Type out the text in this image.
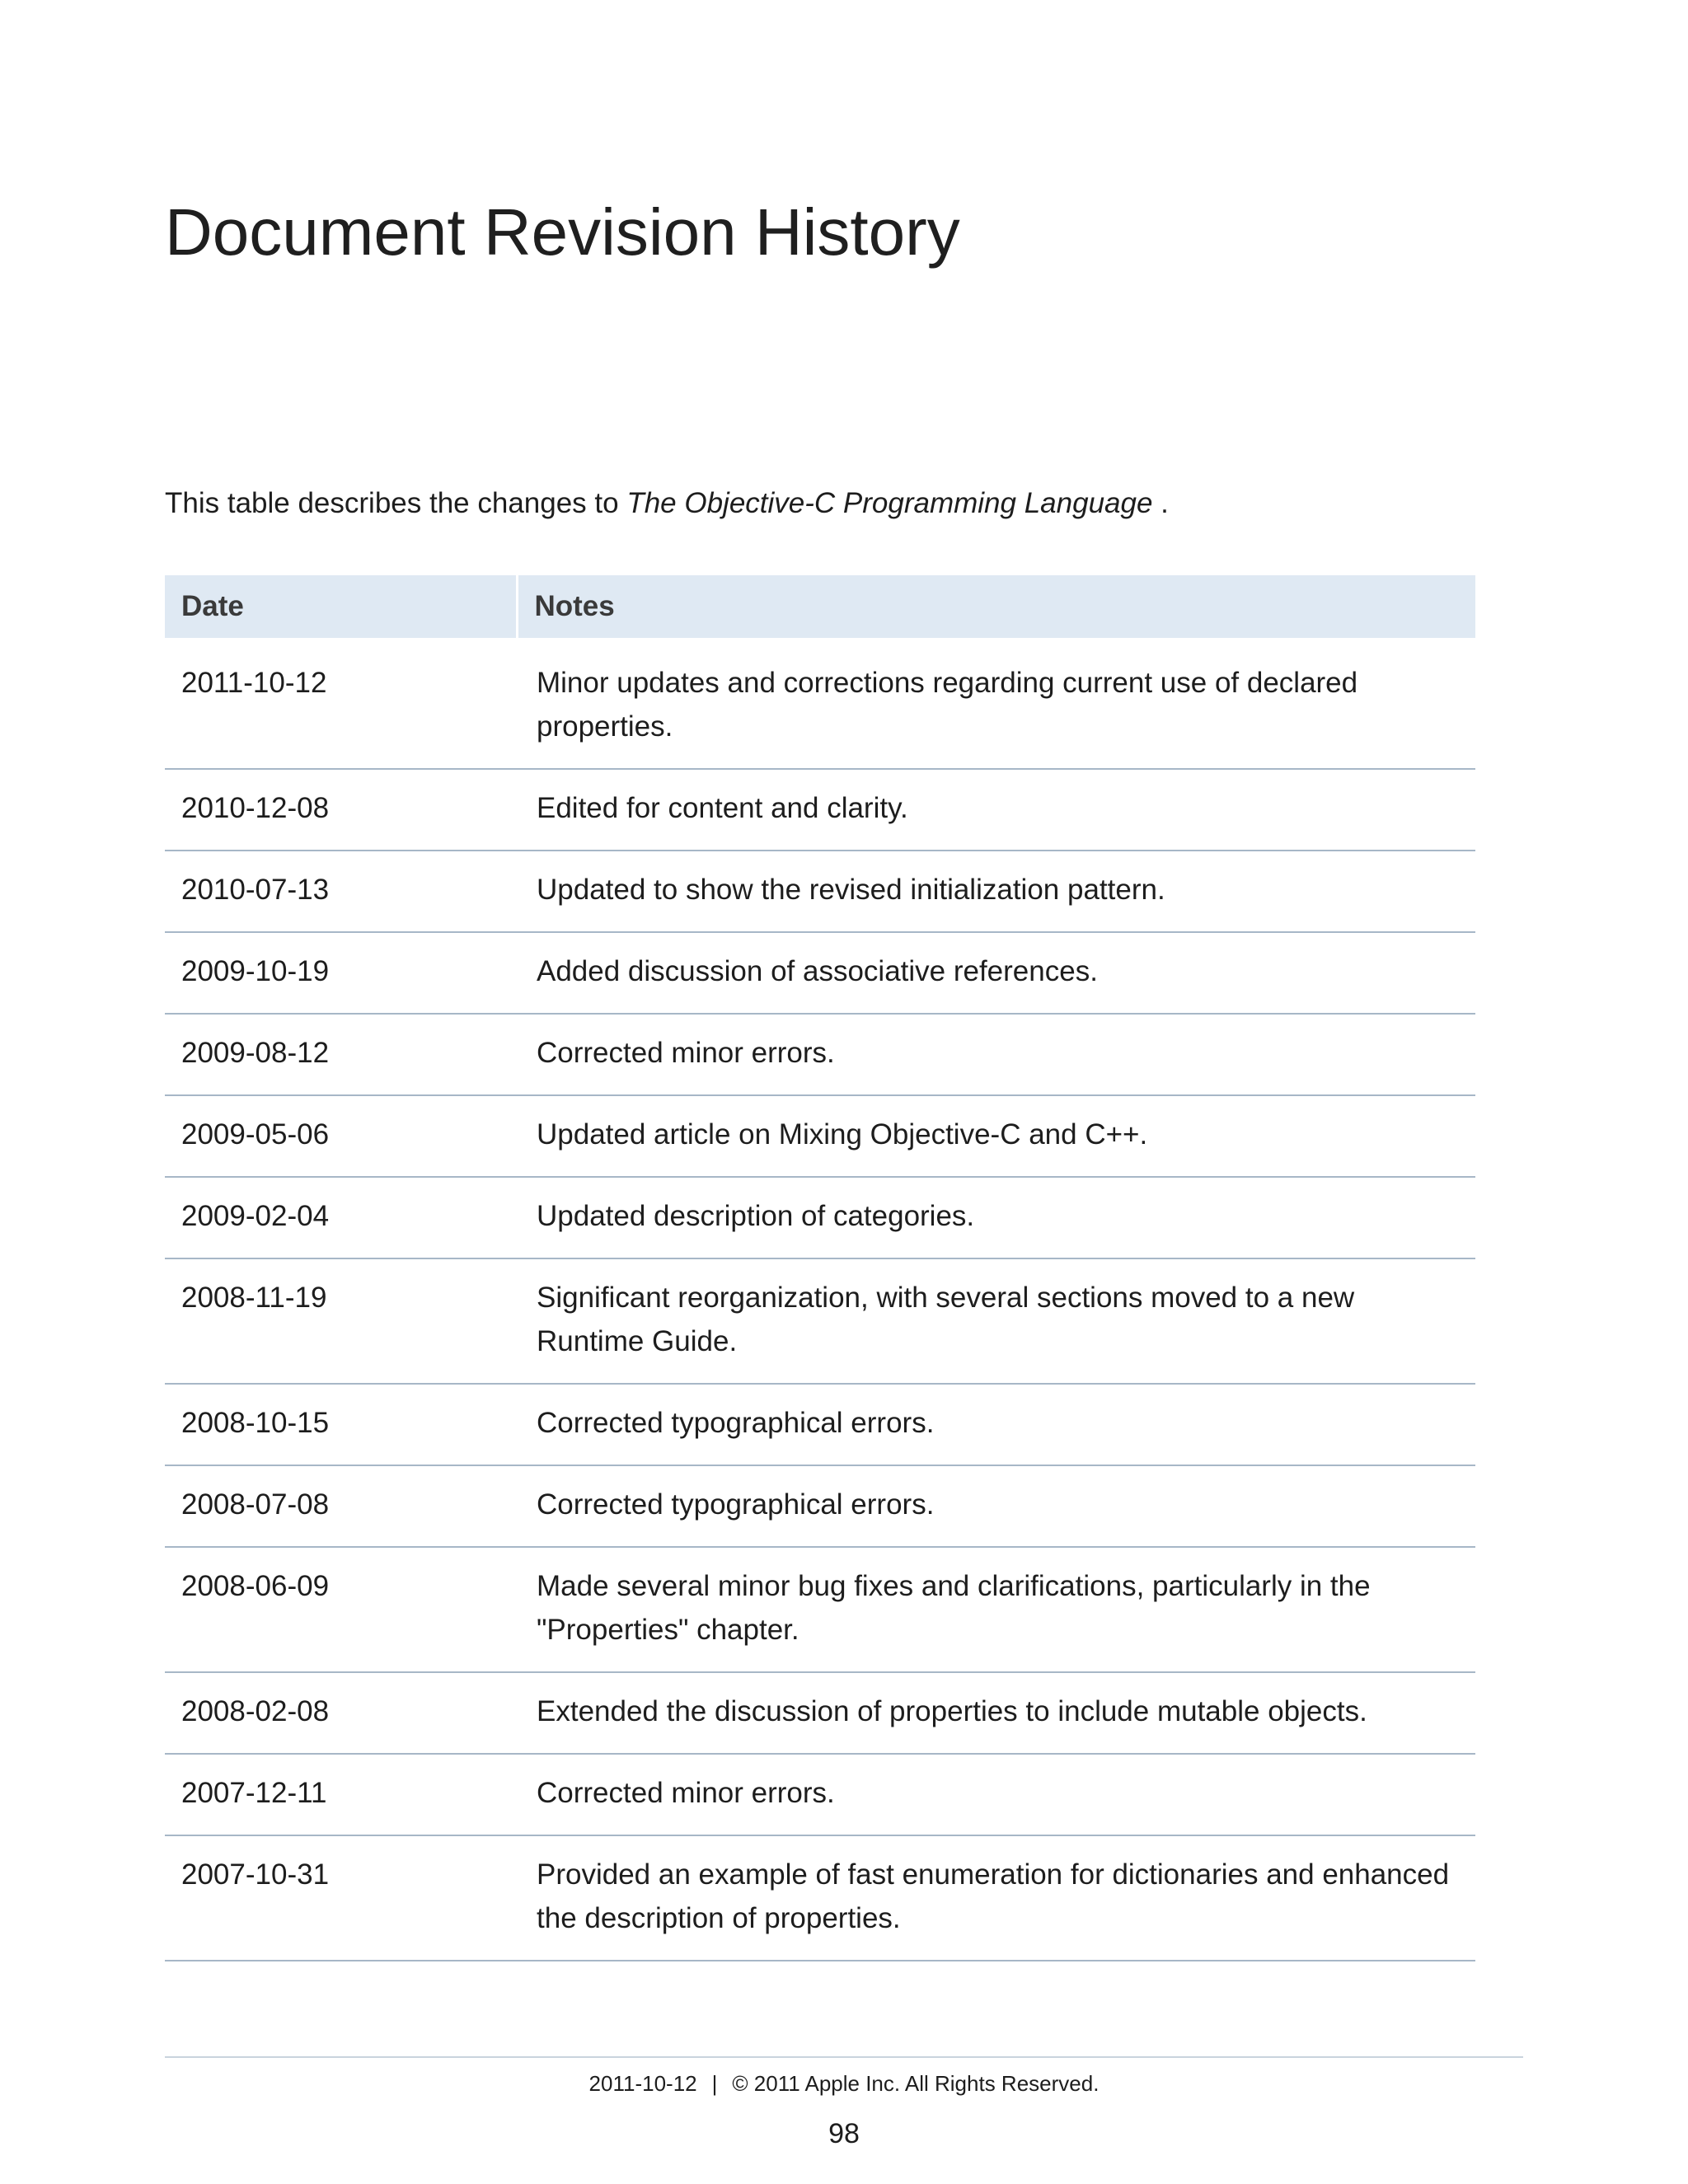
Document Revision History

This table describes the changes to The Objective-C Programming Language .

Date	Notes
2011-10-12	Minor updates and corrections regarding current use of declared properties.
2010-12-08	Edited for content and clarity.
2010-07-13	Updated to show the revised initialization pattern.
2009-10-19	Added discussion of associative references.
2009-08-12	Corrected minor errors.
2009-05-06	Updated article on Mixing Objective-C and C++.
2009-02-04	Updated description of categories.
2008-11-19	Significant reorganization, with several sections moved to a new Runtime Guide.
2008-10-15	Corrected typographical errors.
2008-07-08	Corrected typographical errors.
2008-06-09	Made several minor bug fixes and clarifications, particularly in the "Properties" chapter.
2008-02-08	Extended the discussion of properties to include mutable objects.
2007-12-11	Corrected minor errors.
2007-10-31	Provided an example of fast enumeration for dictionaries and enhanced the description of properties.
2011-10-12 | © 2011 Apple Inc. All Rights Reserved.
98
